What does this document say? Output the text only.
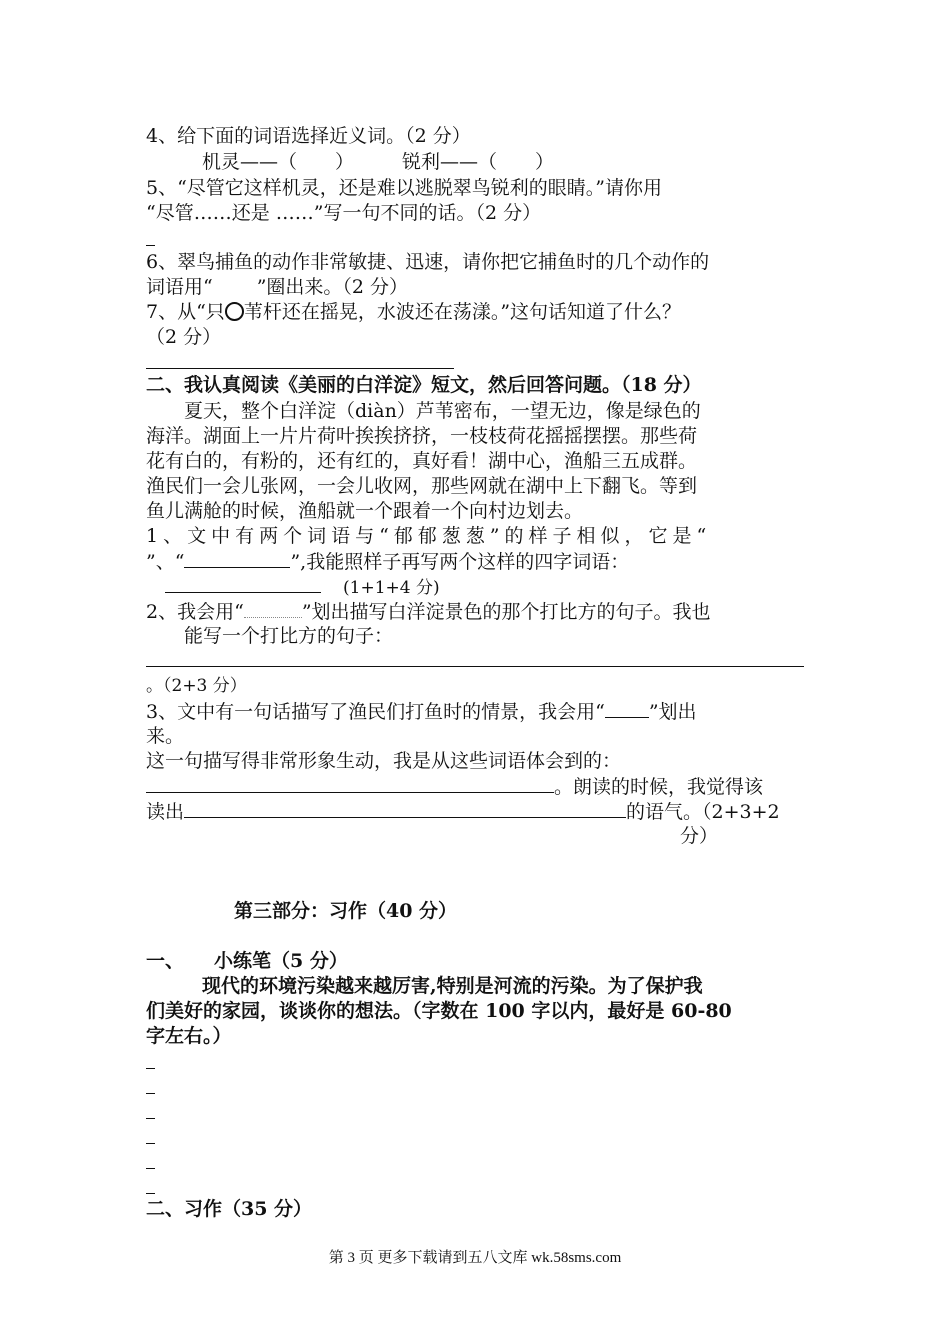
4、给下面的词语选择近义词。（2 分）
机灵——（ ）	锐利——（ ）
5、“尽管它这样机灵，还是难以逃脱翠鸟锐利的眼睛。”请你用
“尽管……还是 ……”写一句不同的话。（2 分）
6、翠鸟捕鱼的动作非常敏捷、迅速，请你把它捕鱼时的几个动作的
词语用“ ”圈出来。（2 分）
7、从“只 苇杆还在摇晃，水波还在荡漾。”这句话知道了什么？
（2 分）
二、我认真阅读《美丽的白洋淀》短文，然后回答问题。（18 分）
夏天，整个白洋淀（diàn）芦苇密布，一望无边，像是绿色的
海洋。湖面上一片片荷叶挨挨挤挤，一枝枝荷花摇摇摆摆。那些荷
花有白的，有粉的，还有红的，真好看！湖中心，渔船三五成群。
渔民们一会儿张网，一会儿收网，那些网就在湖中上下翻飞。等到
鱼儿满舱的时候，渔船就一个跟着一个向村边划去。
1、文中有两个词语与“郁郁葱葱”的样子相似，它是“
”、“	”,我能照样子再写两个这样的四字词语：
(1+1+4 分)
2、我会用“	”划出描写白洋淀景色的那个打比方的句子。我也
能写一个打比方的句子：
。（2+3 分）
3、文中有一句话描写了渔民们打鱼时的情景，我会用“ ”划出
来。
这一句描写得非常形象生动，我是从这些词语体会到的：
。朗读的时候，我觉得该
读出	的语气。（2+3+2
分）
第三部分：习作（40 分）
一、 小练笔（5 分）
现代的环境污染越来越厉害,特别是河流的污染。为了保护我
们美好的家园，谈谈你的想法。（字数在 100 字以内，最好是 60-80
字左右。）
二、习作（35 分）
第 3 页 更多下载请到五八文库 wk.58sms.com
